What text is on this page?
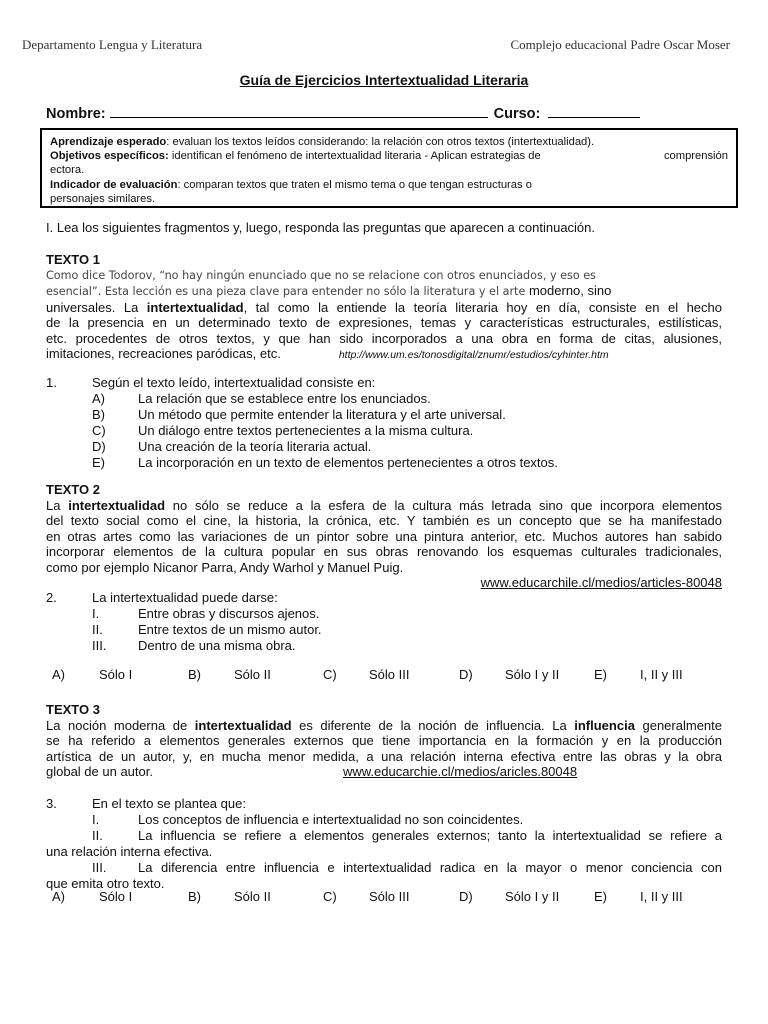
Departamento Lengua y Literatura	Complejo educacional Padre Oscar Moser
Guía de Ejercicios Intertextualidad Literaria
Nombre:	Curso:

Aprendizaje esperado: evaluan los textos leídos considerando: la relación con otros textos (intertextualidad).

Objetivos específicos: identifican el fenómeno de intertextualidad literaria - Aplican estrategias de	comprensión

ectora.

Indicador de evaluación: comparan textos que traten el mismo tema o que tengan estructuras o

personajes similares.

I. Lea los siguientes fragmentos y, luego, responda las preguntas que aparecen a continuación.
TEXTO 1
Como dice Todorov, “no hay ningún enunciado que no se relacione con otros enunciados, y eso es
esencial”. Esta lección es una pieza clave para entender no sólo la literatura y el arte moderno, sino
universales. La intertextualidad, tal como la entiende la teoría literaria hoy en día, consiste en el hecho
de la presencia en un determinado texto de expresiones, temas y características estructurales, estilísticas,
etc. procedentes de otros textos, y que han sido incorporados a una obra en forma de citas, alusiones,
imitaciones, recreaciones paródicas, etc.	http://www.um.es/tonosdigital/znumr/estudios/cyhinter.htm
1.	Según el texto leído, intertextualidad consiste en:
A)	La relación que se establece entre los enunciados.
B)	Un método que permite entender la literatura y el arte universal.
C)	Un diálogo entre textos pertenecientes a la misma cultura.
D)	Una creación de la teoría literaria actual.
E)	La incorporación en un texto de elementos pertenecientes a otros textos.
TEXTO 2
La intertextualidad no sólo se reduce a la esfera de la cultura más letrada sino que incorpora elementos
del texto social como el cine, la historia, la crónica, etc. Y también es un concepto que se ha manifestado
en otras artes como las variaciones de un pintor sobre una pintura anterior, etc. Muchos autores han sabido
incorporar elementos de la cultura popular en sus obras renovando los esquemas culturales tradicionales,
como por ejemplo Nicanor Parra, Andy Warhol y Manuel Puig.
www.educarchile.cl/medios/articles-80048
2.	La intertextualidad puede darse:
I.	Entre obras y discursos ajenos.
II.	Entre textos de un mismo autor.
III.	Dentro de una misma obra.
A)	Sólo I	B)	Sólo II	C) Sólo III	D) Sólo I y II	E)	I, II y III
TEXTO 3
La noción moderna de intertextualidad es diferente de la noción de influencia. La influencia generalmente
se ha referido a elementos generales externos que tiene importancia en la formación y en la producción
artística de un autor, y, en mucha menor medida, a una relación interna efectiva entre las obras y la obra
global de un autor.	www.educarchie.cl/medios/aricles.80048
3.	En el texto se plantea que:
I.	Los conceptos de influencia e intertextualidad no son coincidentes.
II.	La influencia se refiere a elementos generales externos; tanto la intertextualidad se refiere a
una relación interna efectiva.
III. La diferencia entre influencia e intertextualidad radica en la mayor o menor conciencia con
que emita otro texto.
A)	Sólo I	B)	Sólo II	C) Sólo III	D) Sólo I y II	E)	I, II y III
